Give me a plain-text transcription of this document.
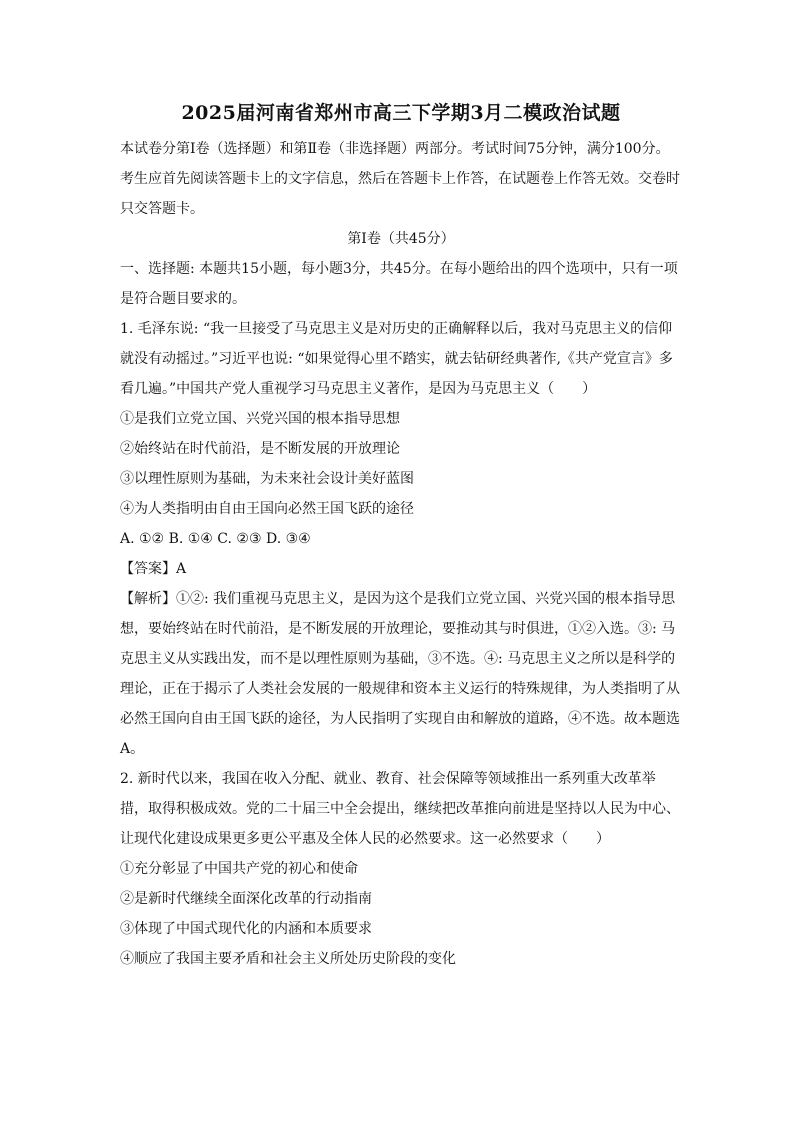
2025届河南省郑州市高三下学期3月二模政治试题

本试卷分第Ⅰ卷（选择题）和第Ⅱ卷（非选择题）两部分。考试时间75分钟，满分100分。

考生应首先阅读答题卡上的文字信息，然后在答题卡上作答，在试题卷上作答无效。交卷时只交答题卡。

第Ⅰ卷（共45分）

一、选择题: 本题共15小题，每小题3分，共45分。在每小题给出的四个选项中，只有一项是符合题目要求的。

1. 毛泽东说: “我一旦接受了马克思主义是对历史的正确解释以后，我对马克思主义的信仰就没有动摇过。”习近平也说: “如果觉得心里不踏实，就去钻研经典著作,《共产党宣言》多看几遍。”中国共产党人重视学习马克思主义著作，是因为马克思主义（　　）

①是我们立党立国、兴党兴国的根本指导思想

②始终站在时代前沿，是不断发展的开放理论

③以理性原则为基础，为未来社会设计美好蓝图

④为人类指明由自由王国向必然王国飞跃的途径

A. ①② B. ①④ C. ②③ D. ③④

【答案】A

【解析】①②: 我们重视马克思主义，是因为这个是我们立党立国、兴党兴国的根本指导思想，要始终站在时代前沿，是不断发展的开放理论，要推动其与时俱进，①②入选。③: 马克思主义从实践出发，而不是以理性原则为基础，③不选。④: 马克思主义之所以是科学的理论，正在于揭示了人类社会发展的一般规律和资本主义运行的特殊规律，为人类指明了从必然王国向自由王国飞跃的途径，为人民指明了实现自由和解放的道路，④不选。故本题选A。

2. 新时代以来，我国在收入分配、就业、教育、社会保障等领域推出一系列重大改革举措，取得积极成效。党的二十届三中全会提出，继续把改革推向前进是坚持以人民为中心、让现代化建设成果更多更公平惠及全体人民的必然要求。这一必然要求（　　）

①充分彰显了中国共产党的初心和使命

②是新时代继续全面深化改革的行动指南

③体现了中国式现代化的内涵和本质要求

④顺应了我国主要矛盾和社会主义所处历史阶段的变化
